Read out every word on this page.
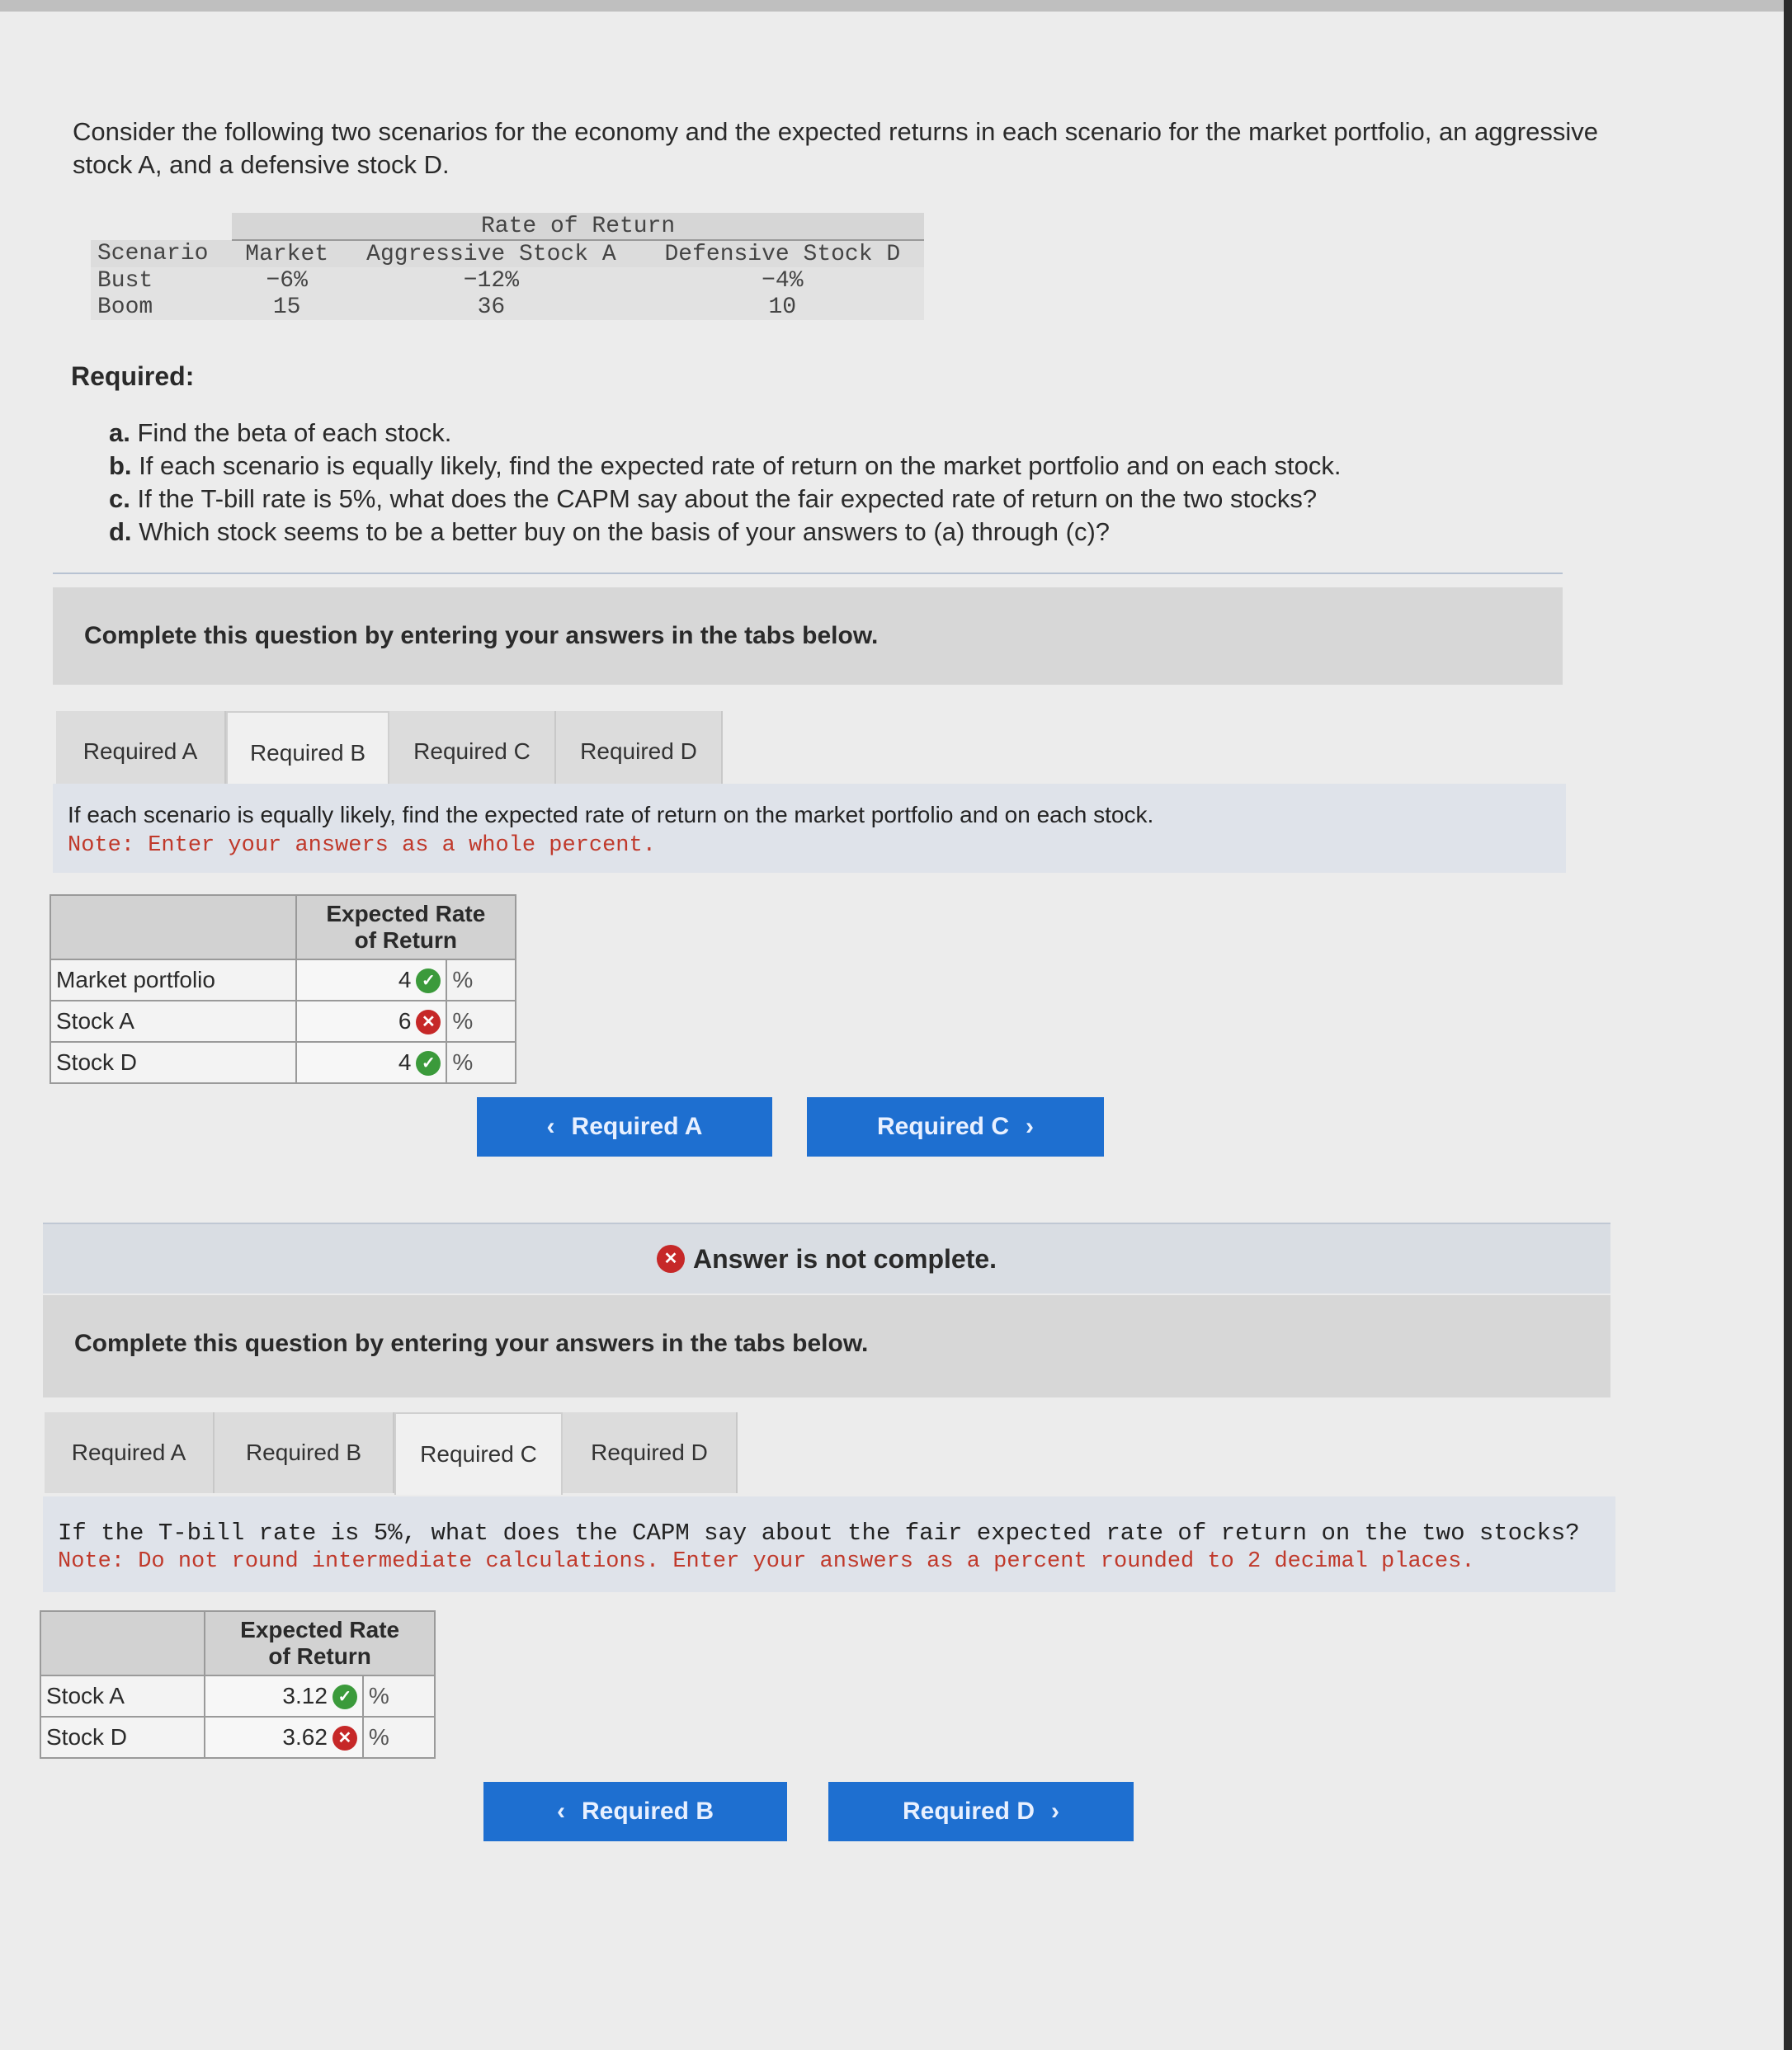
Consider the following two scenarios for the economy and the expected returns in each scenario for the market portfolio, an aggressive stock A, and a defensive stock D.
	Rate of Return		
Scenario	Market	Aggressive Stock A	Defensive Stock D
Bust	−6%	−12%	−4%
Boom	15	36	10
Required:
a. Find the beta of each stock.
b. If each scenario is equally likely, find the expected rate of return on the market portfolio and on each stock.
c. If the T-bill rate is 5%, what does the CAPM say about the fair expected rate of return on the two stocks?
d. Which stock seems to be a better buy on the basis of your answers to (a) through (c)?
Complete this question by entering your answers in the tabs below.
Required A	Required B	Required C	Required D
If each scenario is equally likely, find the expected rate of return on the market portfolio and on each stock.
Note: Enter your answers as a whole percent.

	Expected Rate
of Return	

Market portfolio	4 ✓	%
Stock A	6 ✕	%
Stock D	4 ✓	%
‹ Required A	Required C ›
✕ Answer is not complete.
Complete this question by entering your answers in the tabs below.
Required A	Required B	Required C	Required D
If the T-bill rate is 5%, what does the CAPM say about the fair expected rate of return on the two stocks?
Note: Do not round intermediate calculations. Enter your answers as a percent rounded to 2 decimal places.

	Expected Rate
of Return	

Stock A	3.12 ✓	%
Stock D	3.62 ✕	%
‹ Required B	Required D ›
